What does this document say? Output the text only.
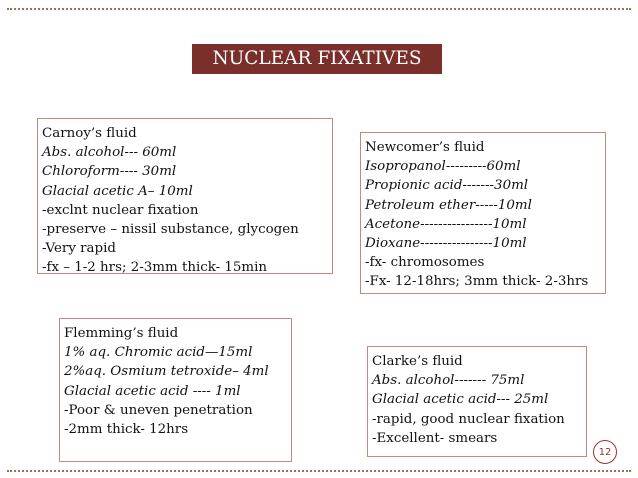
NUCLEAR FIXATIVES
Carnoy’s fluid
Abs. alcohol--- 60ml
Chloroform---- 30ml
Glacial acetic A– 10ml
-exclnt nuclear fixation
-preserve – nissil substance, glycogen
-Very rapid
-fx – 1-2 hrs; 2-3mm thick- 15min
Newcomer’s fluid
Isopropanol---------60ml
Propionic acid-------30ml
Petroleum ether-----10ml
Acetone----------------10ml
Dioxane----------------10ml
-fx- chromosomes
-Fx- 12-18hrs; 3mm thick- 2-3hrs
Flemming’s fluid
1% aq. Chromic acid—15ml
2%aq. Osmium tetroxide– 4ml
Glacial acetic acid ---- 1ml
-Poor & uneven penetration
-2mm thick- 12hrs
Clarke’s fluid
Abs. alcohol------- 75ml
Glacial acetic acid--- 25ml
-rapid, good nuclear fixation
-Excellent- smears
12
